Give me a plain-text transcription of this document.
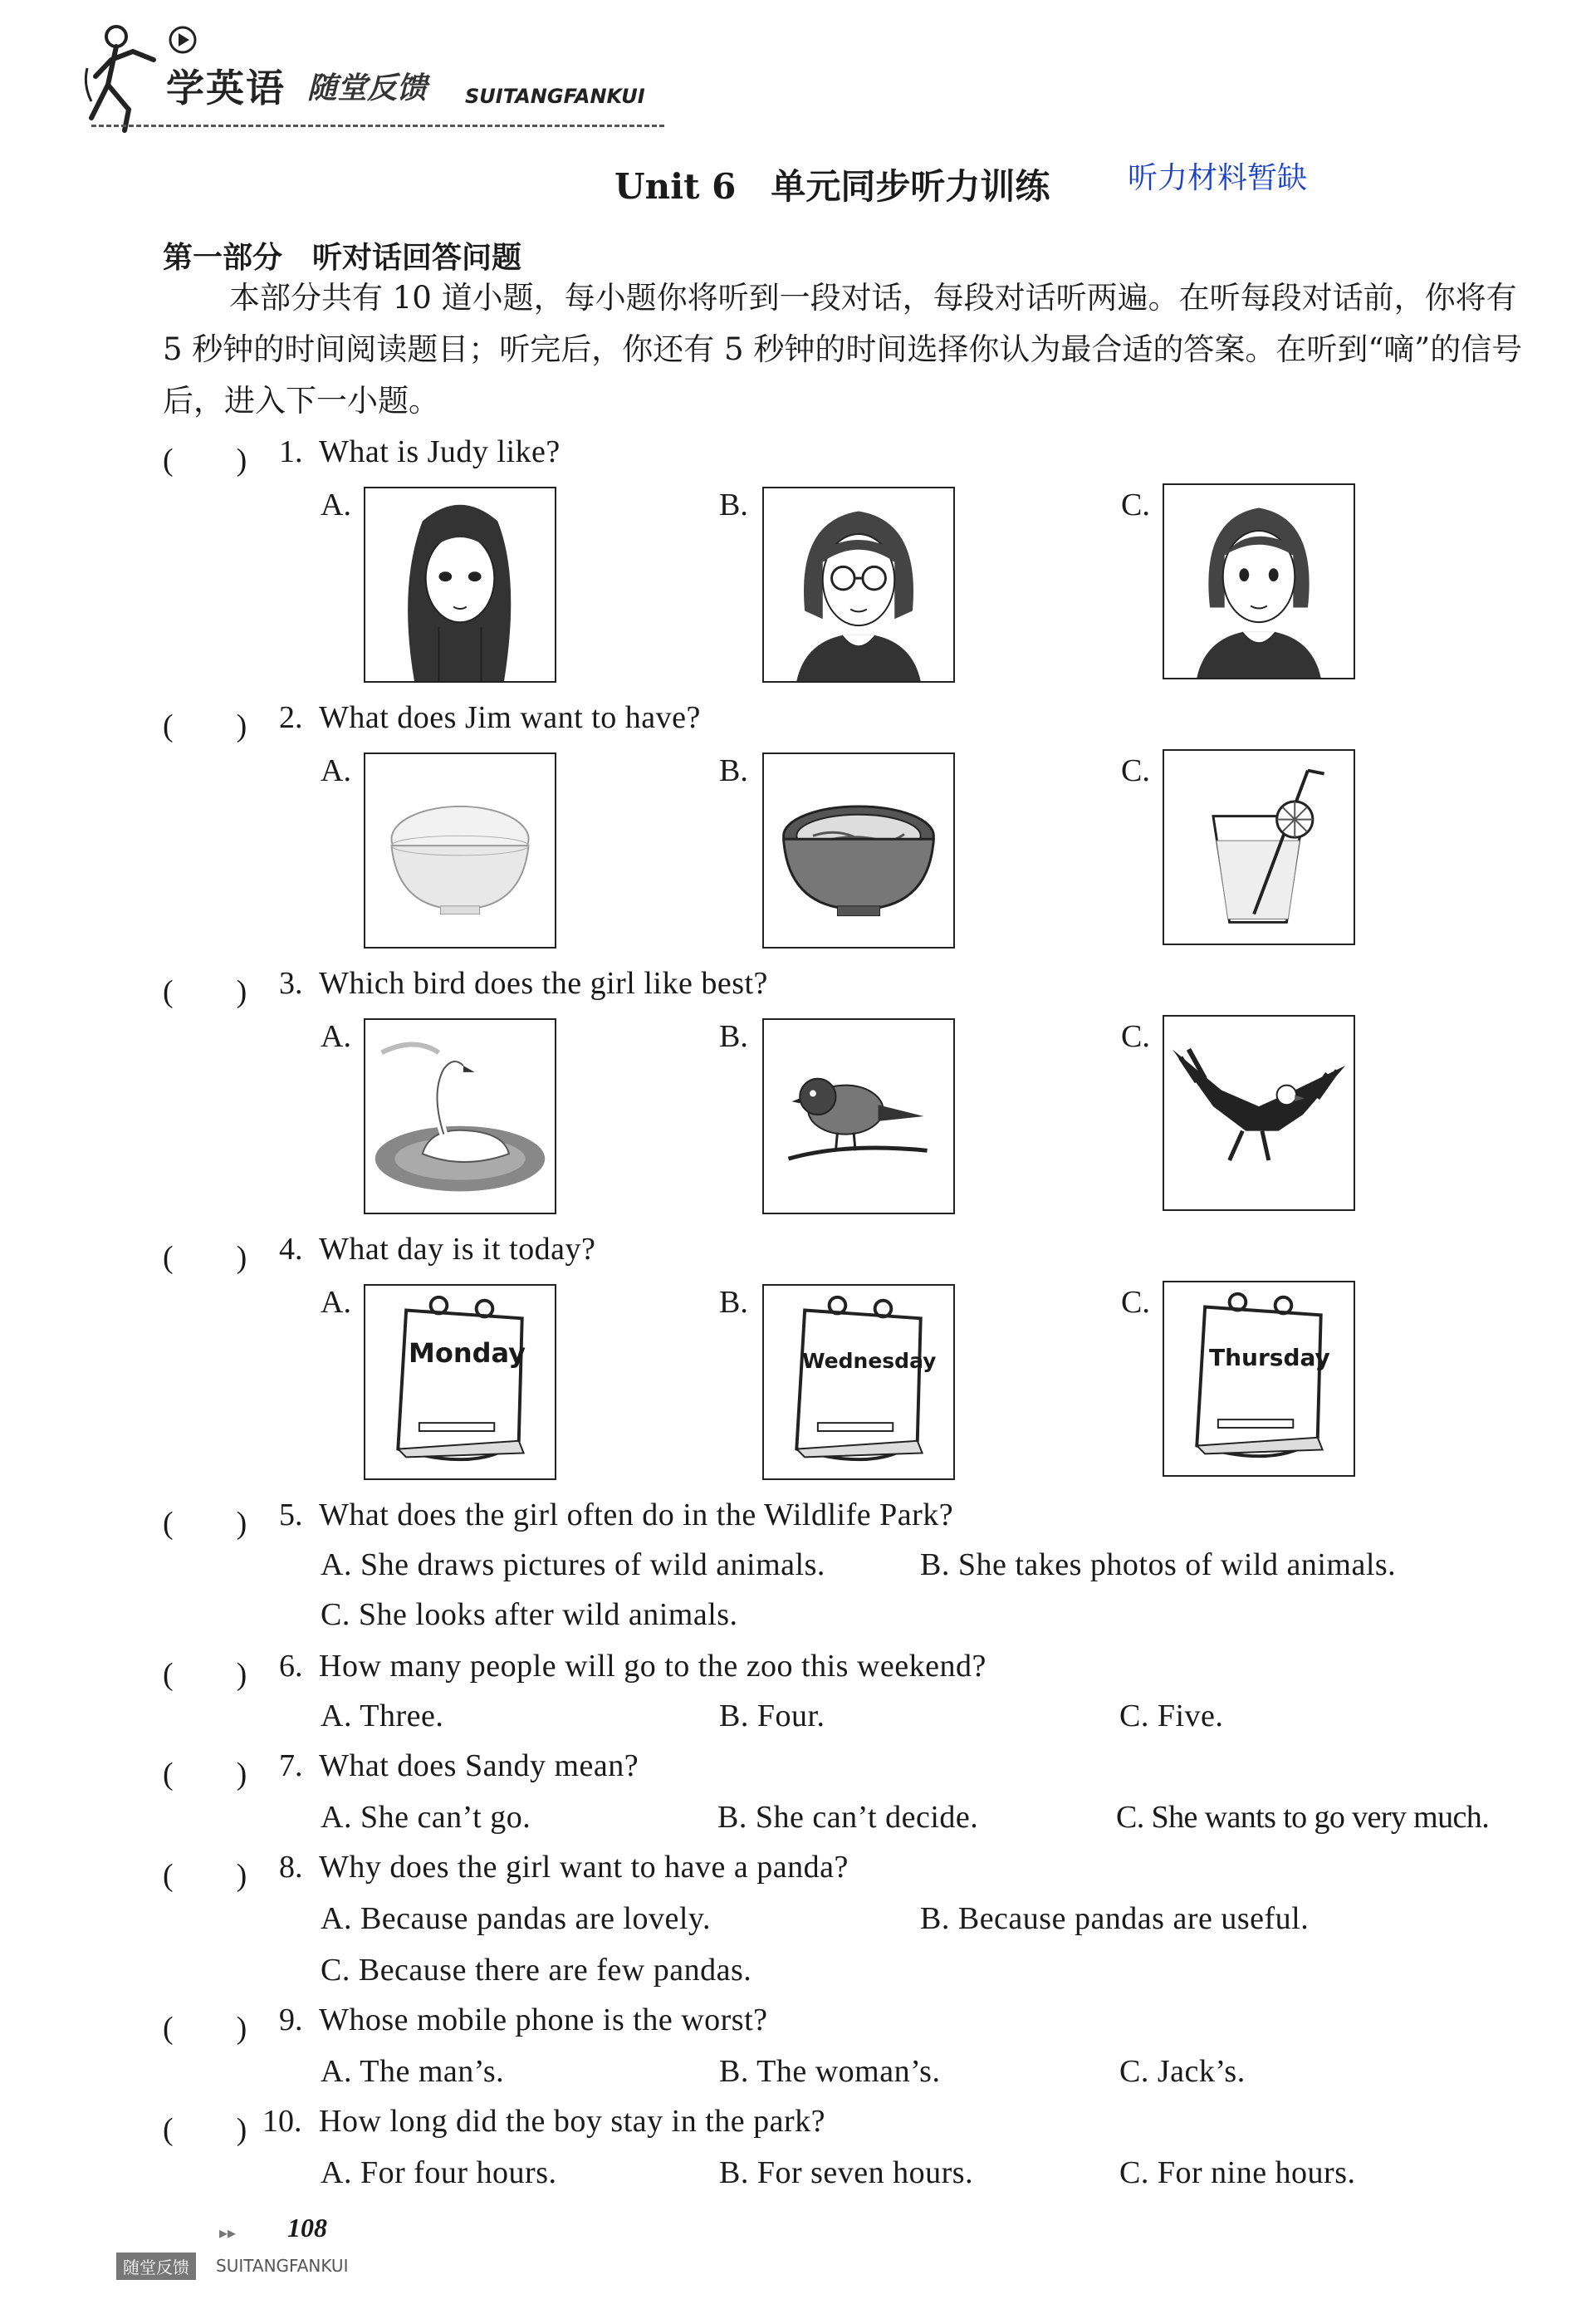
学英语 随堂反馈 SUITANGFANKUI
Unit 6　单元同步听力训练	听力材料暂缺
第一部分　听对话回答问题
本部分共有 10 道小题，每小题你将听到一段对话，每段对话听两遍。在听每段对话前，你将有 5 秒钟的时间阅读题目；听完后，你还有 5 秒钟的时间选择你认为最合适的答案。在听到“嘀”的信号后，进入下一小题。
(　　) 1. What is Judy like?
A.	B.	C.
(　　) 2. What does Jim want to have?
A.	B.	C.
(　　) 3. Which bird does the girl like best?
A.	B.	C.
(　　) 4. What day is it today?
A.
Monday
B.
Wednesday
C.
Thursday
(　　) 5. What does the girl often do in the Wildlife Park?
A. She draws pictures of wild animals.	B. She takes photos of wild animals.
C. She looks after wild animals.
(　　) 6. How many people will go to the zoo this weekend?
A. Three.	B. Four.	C. Five.
(　　) 7. What does Sandy mean?
A. She can’t go.	B. She can’t decide.	C. She wants to go very much.
(　　) 8. Why does the girl want to have a panda?
A. Because pandas are lovely.	B. Because pandas are useful.
C. Because there are few pandas.
(　　) 9. Whose mobile phone is the worst?
A. The man’s.	B. The woman’s.	C. Jack’s.
(　　) 10. How long did the boy stay in the park?
A. For four hours.	B. For seven hours.	C. For nine hours.
▸▸ 108
随堂反馈	SUITANGFANKUI
